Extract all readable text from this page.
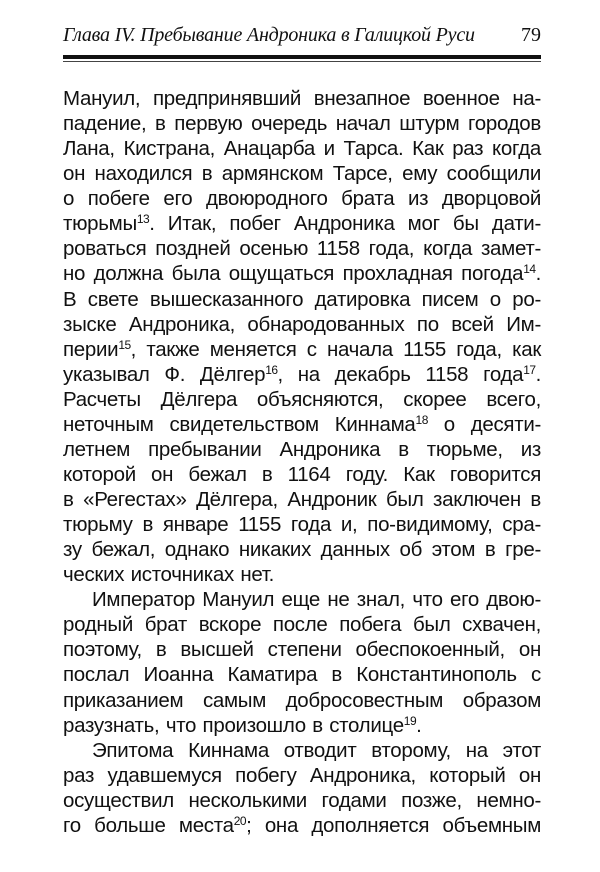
Глава IV. Пребывание Андроника в Галицкой Руси 79
Мануил, предпринявший внезапное военное на-
падение, в первую очередь начал штурм городов
Лана, Кистрана, Анацарба и Тарса. Как раз когда
он находился в армянском Тарсе, ему сообщили
о побеге его двоюродного брата из дворцовой
тюрьмы$^{13}$. Итак, побег Андроника мог бы дати-
роваться поздней осенью 1158 года, когда замет-
но должна была ощущаться прохладная погода$^{14}$.
В свете вышесказанного датировка писем о ро-
зыске Андроника, обнародованных по всей Им-
перии$^{15}$, также меняется с начала 1155 года, как
указывал Ф. Дёлгер$^{16}$, на декабрь 1158 года$^{17}$.
Расчеты Дёлгера объясняются, скорее всего,
неточным свидетельством Киннама$^{18}$ о десяти-
летнем пребывании Андроника в тюрьме, из
которой он бежал в 1164 году. Как говорится
в «Регестах» Дёлгера, Андроник был заключен в
тюрьму в январе 1155 года и, по-видимому, сра-
зу бежал, однако никаких данных об этом в гре-
ческих источниках нет.
Император Мануил еще не знал, что его двою-
родный брат вскоре после побега был схвачен,
поэтому, в высшей степени обеспокоенный, он
послал Иоанна Каматира в Константинополь с
приказанием самым добросовестным образом
разузнать, что произошло в столице$^{19}$.
Эпитома Киннама отводит второму, на этот
раз удавшемуся побегу Андроника, который он
осуществил несколькими годами позже, немно-
го больше места$^{20}$; она дополняется объемным
